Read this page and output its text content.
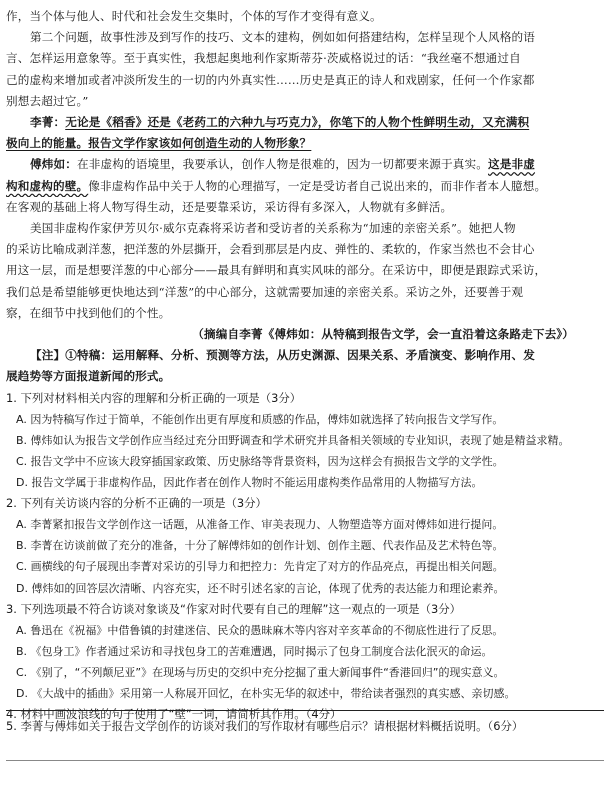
作，当个体与他人、时代和社会发生交集时，个体的写作才变得有意义。

第二个问题，故事性涉及到写作的技巧、文本的建构，例如如何搭建结构，怎样呈现个人风格的语

言、怎样运用意象等。至于真实性，我想起奥地利作家斯蒂芬·茨威格说过的话：“我丝毫不想通过自

己的虚构来增加或者冲淡所发生的一切的内外真实性……历史是真正的诗人和戏剧家，任何一个作家都

别想去超过它。”

李菁：无论是《稻香》还是《老药工的六种九与巧克力》，你笔下的人物个性鲜明生动，又充满积

极向上的能量。报告文学作家该如何创造生动的人物形象？

傅炜如：在非虚构的语境里，我要承认，创作人物是很难的，因为一切都要来源于真实。这是非虚

构和虚构的壁。像非虚构作品中关于人物的心理描写，一定是受访者自己说出来的，而非作者本人臆想。

在客观的基础上将人物写得生动，还是要靠采访，采访得有多深入，人物就有多鲜活。

美国非虚构作家伊芳贝尔·威尔克森将采访者和受访者的关系称为“加速的亲密关系”。她把人物

的采访比喻成剥洋葱，把洋葱的外层撕开，会看到那层是内皮、弹性的、柔软的，作家当然也不会甘心

用这一层，而是想要洋葱的中心部分——最具有鲜明和真实风味的部分。在采访中，即便是跟踪式采访，

我们总是希望能够更快地达到“洋葱”的中心部分，这就需要加速的亲密关系。采访之外，还要善于观

察，在细节中找到他们的个性。

（摘编自李菁《傅炜如：从特稿到报告文学，会一直沿着这条路走下去》）

【注】①特稿：运用解释、分析、预测等方法，从历史渊源、因果关系、矛盾演变、影响作用、发

展趋势等方面报道新闻的形式。

1. 下列对材料相关内容的理解和分析正确的一项是（3分）

A. 因为特稿写作过于简单，不能创作出更有厚度和质感的作品，傅炜如就选择了转向报告文学写作。

B. 傅炜如认为报告文学创作应当经过充分田野调查和学术研究并具备相关领域的专业知识，表现了她是精益求精。

C. 报告文学中不应该大段穿插国家政策、历史脉络等背景资料，因为这样会有损报告文学的文学性。

D. 报告文学属于非虚构作品，因此作者在创作人物时不能运用虚构类作品常用的人物描写方法。

2. 下列有关访谈内容的分析不正确的一项是（3分）

A. 李菁紧扣报告文学创作这一话题，从准备工作、审美表现力、人物塑造等方面对傅炜如进行提问。

B. 李菁在访谈前做了充分的准备，十分了解傅炜如的创作计划、创作主题、代表作品及艺术特色等。

C. 画横线的句子展现出李菁对采访的引导力和把控力：先肯定了对方的作品亮点，再提出相关问题。

D. 傅炜如的回答层次清晰、内容充实，还不时引述名家的言论，体现了优秀的表达能力和理论素养。

3. 下列选项最不符合访谈对象谈及“作家对时代要有自己的理解”这一观点的一项是（3分）

A. 鲁迅在《祝福》中借鲁镇的封建迷信、民众的愚昧麻木等内容对辛亥革命的不彻底性进行了反思。

B. 《包身工》作者通过采访和寻找包身工的苦难遭遇，同时揭示了包身工制度合法化泯灭的命运。

C. 《别了，“不列颠尼亚”》在现场与历史的交织中充分挖掘了重大新闻事件“香港回归”的现实意义。

D. 《大战中的插曲》采用第一人称展开回忆，在朴实无华的叙述中，带给读者强烈的真实感、亲切感。

4. 材料中画波浪线的句子使用了“壁”一词，请简析其作用。（4分）

5. 李菁与傅炜如关于报告文学创作的访谈对我们的写作取材有哪些启示？请根据材料概括说明。（6分）
